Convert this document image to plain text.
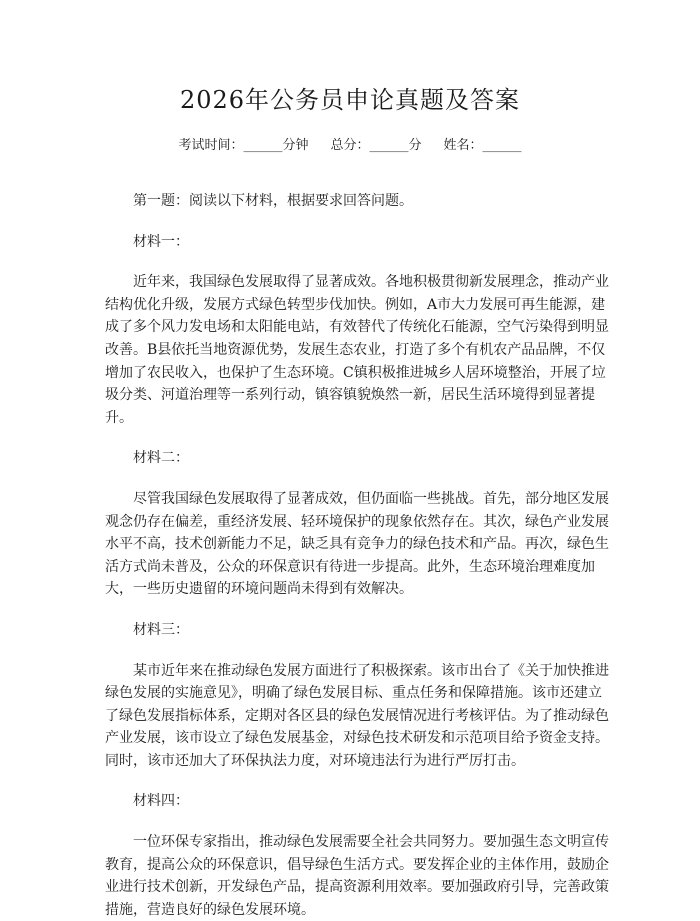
2026年公务员申论真题及答案
考试时间：______分钟 总分：______分 姓名：______

第一题：阅读以下材料，根据要求回答问题。

材料一：

近年来，我国绿色发展取得了显著成效。各地积极贯彻新发展理念，推动产业

结构优化升级，发展方式绿色转型步伐加快。例如，A市大力发展可再生能源，建

成了多个风力发电场和太阳能电站，有效替代了传统化石能源，空气污染得到明显

改善。B县依托当地资源优势，发展生态农业，打造了多个有机农产品品牌，不仅

增加了农民收入，也保护了生态环境。C镇积极推进城乡人居环境整治，开展了垃

圾分类、河道治理等一系列行动，镇容镇貌焕然一新，居民生活环境得到显著提

升。

材料二：

尽管我国绿色发展取得了显著成效，但仍面临一些挑战。首先，部分地区发展

观念仍存在偏差，重经济发展、轻环境保护的现象依然存在。其次，绿色产业发展

水平不高，技术创新能力不足，缺乏具有竞争力的绿色技术和产品。再次，绿色生

活方式尚未普及，公众的环保意识有待进一步提高。此外，生态环境治理难度加

大，一些历史遗留的环境问题尚未得到有效解决。

材料三：

某市近年来在推动绿色发展方面进行了积极探索。该市出台了《关于加快推进

绿色发展的实施意见》，明确了绿色发展目标、重点任务和保障措施。该市还建立

了绿色发展指标体系，定期对各区县的绿色发展情况进行考核评估。为了推动绿色

产业发展，该市设立了绿色发展基金，对绿色技术研发和示范项目给予资金支持。

同时，该市还加大了环保执法力度，对环境违法行为进行严厉打击。

材料四：

一位环保专家指出，推动绿色发展需要全社会共同努力。要加强生态文明宣传

教育，提高公众的环保意识，倡导绿色生活方式。要发挥企业的主体作用，鼓励企

业进行技术创新，开发绿色产品，提高资源利用效率。要加强政府引导，完善政策

措施，营造良好的绿色发展环境。
